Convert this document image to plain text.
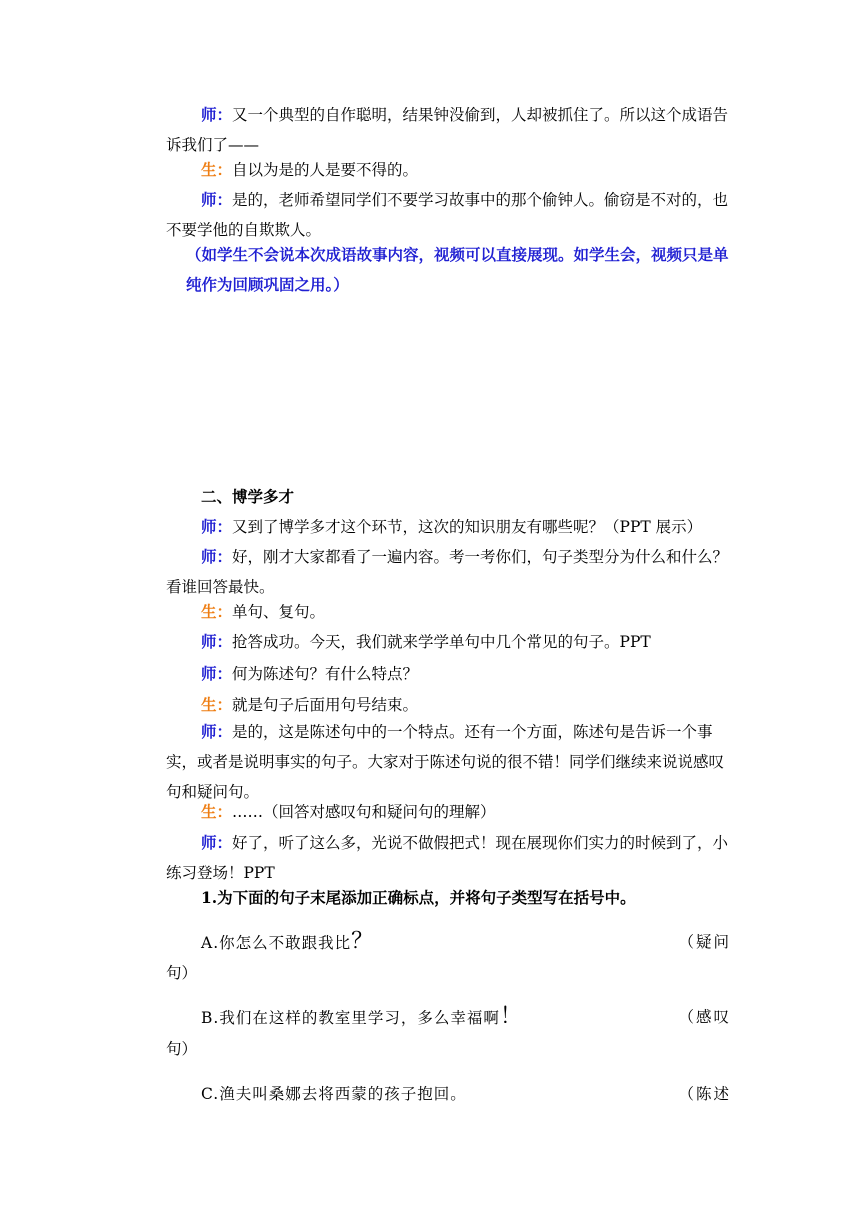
师：又一个典型的自作聪明，结果钟没偷到，人却被抓住了。所以这个成语告诉我们了——

生：自以为是的人是要不得的。

师：是的，老师希望同学们不要学习故事中的那个偷钟人。偷窃是不对的，也不要学他的自欺欺人。

（如学生不会说本次成语故事内容，视频可以直接展现。如学生会，视频只是单纯作为回顾巩固之用。）

二、博学多才

师：又到了博学多才这个环节，这次的知识朋友有哪些呢？（PPT 展示）

师：好，刚才大家都看了一遍内容。考一考你们，句子类型分为什么和什么？看谁回答最快。

生：单句、复句。

师：抢答成功。今天，我们就来学学单句中几个常见的句子。PPT

师：何为陈述句？有什么特点？

生：就是句子后面用句号结束。

师：是的，这是陈述句中的一个特点。还有一个方面，陈述句是告诉一个事实，或者是说明事实的句子。大家对于陈述句说的很不错！同学们继续来说说感叹句和疑问句。

生：……（回答对感叹句和疑问句的理解）

师：好了，听了这么多，光说不做假把式！现在展现你们实力的时候到了，小练习登场！PPT

1.为下面的句子末尾添加正确标点，并将句子类型写在括号中。

A.你怎么不敢跟我比？	（疑问
句）
B.我们在这样的教室里学习，多么幸福啊！	（感叹
句）
C.渔夫叫桑娜去将西蒙的孩子抱回。	（陈述
